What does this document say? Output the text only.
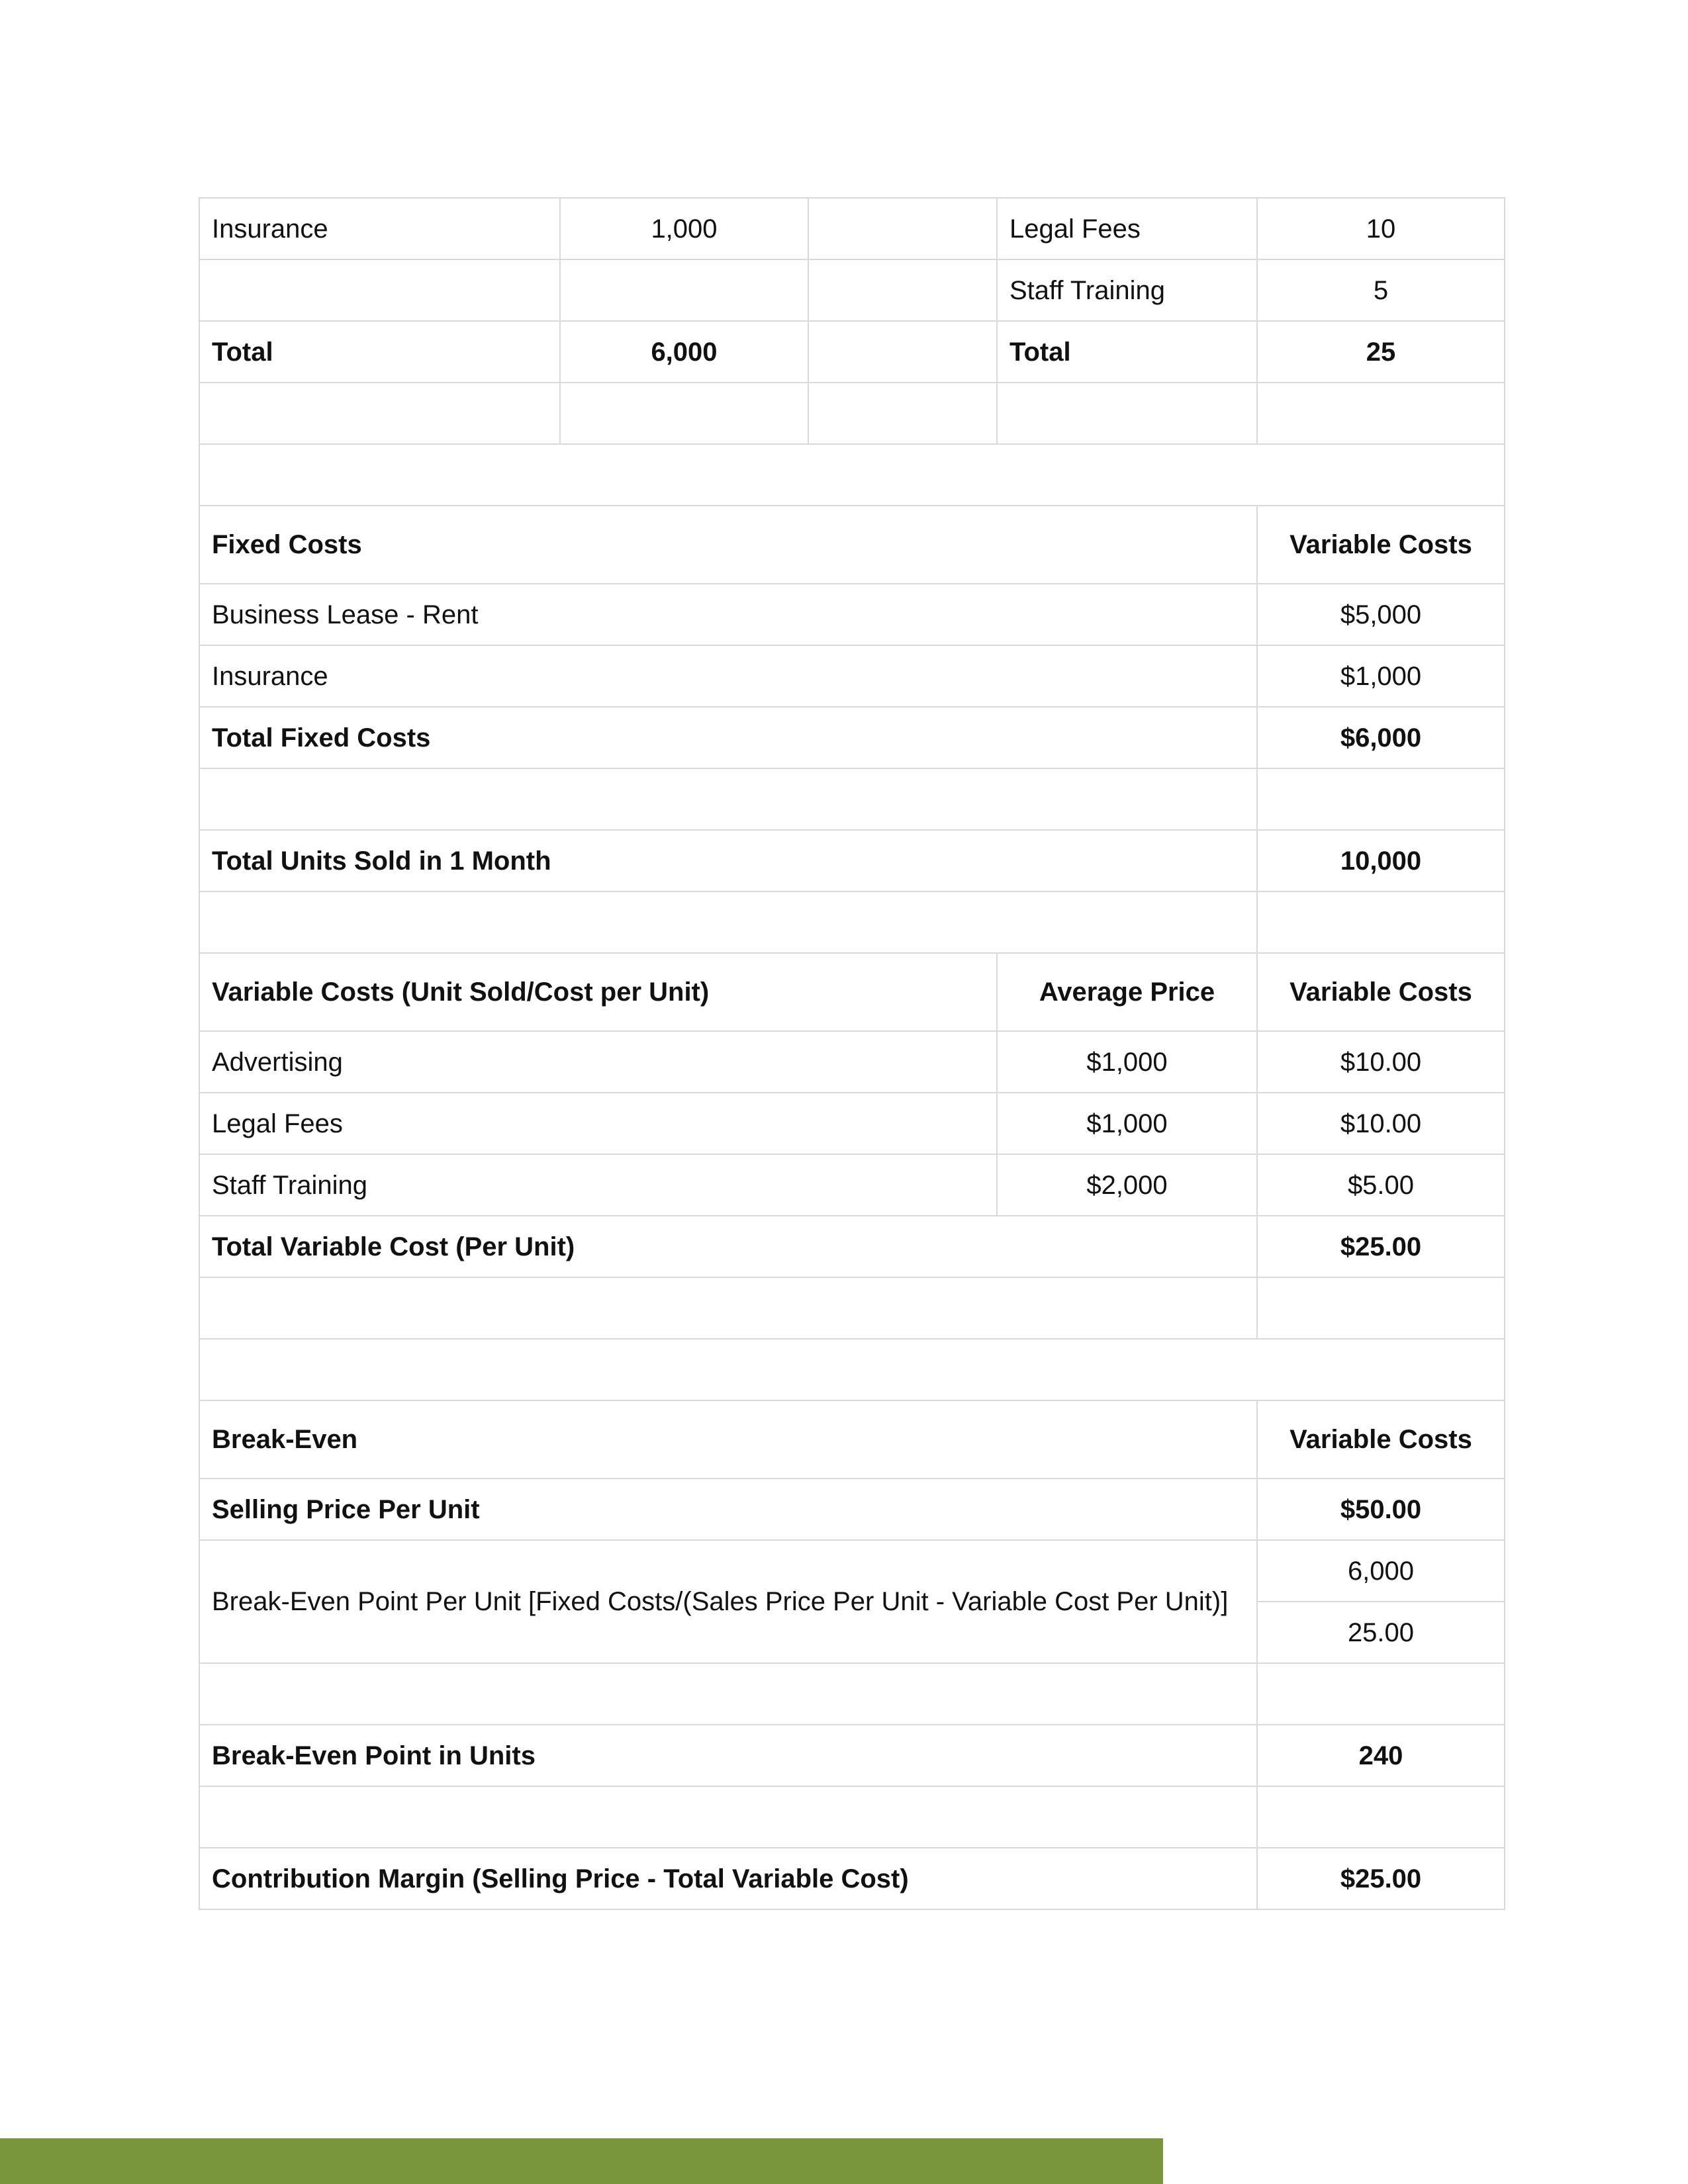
Insurance	1,000		Legal Fees	10
			Staff Training	5
Total	6,000		Total	25

Fixed Costs				Variable Costs
Business Lease - Rent				$5,000
Insurance				$1,000
Total Fixed Costs				$6,000

Total Units Sold in 1 Month				10,000

Variable Costs (Unit Sold/Cost per Unit)			Average Price	Variable Costs
Advertising			$1,000	$10.00
Legal Fees			$1,000	$10.00
Staff Training			$2,000	$5.00
Total Variable Cost (Per Unit)				$25.00

Break-Even				Variable Costs
Selling Price Per Unit				$50.00
Break-Even Point Per Unit [Fixed Costs/(Sales Price Per Unit - Variable Cost Per Unit)]				6,000
				25.00

Break-Even Point in Units				240

Contribution Margin (Selling Price - Total Variable Cost)				$25.00
